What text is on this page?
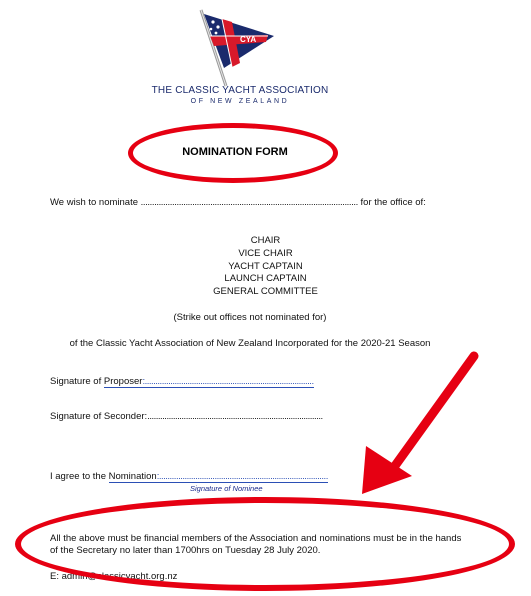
CYA
THE CLASSIC YACHT ASSOCIATION
OF NEW ZEALAND
NOMINATION FORM
We wish to nominate ................................................................................................. for the office of:
CHAIR
VICE CHAIR
YACHT CAPTAIN
LAUNCH CAPTAIN
GENERAL COMMITTEE
(Strike out offices not nominated for)
of the Classic Yacht Association of New Zealand Incorporated for the 2020-21 Season
Signature of Proposer:...............................................................................
Signature of Seconder:..................................................................................
I agree to the Nomination:...............................................................................
Signature of Nominee
All the above must be financial members of the Association and nominations must be in the hands
of the Secretary no later than 1700hrs on Tuesday 28 July 2020.
E: admin@classicyacht.org.nz
